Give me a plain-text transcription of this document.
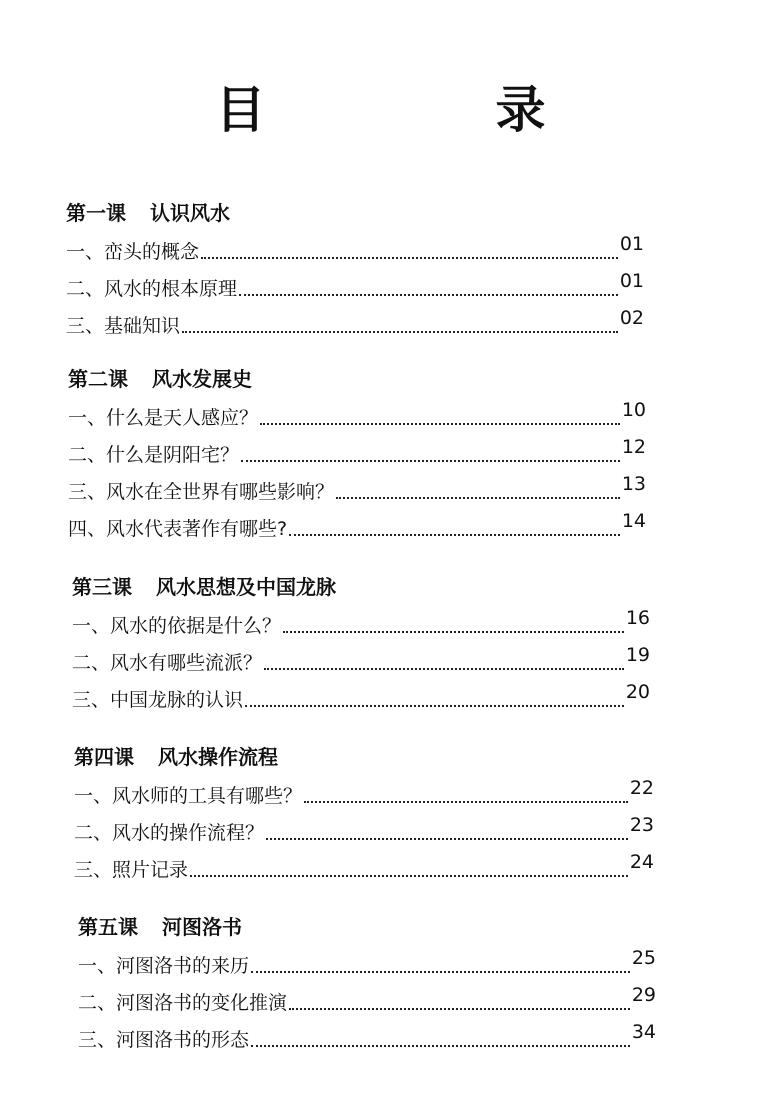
目　录
第一课 认识风水
一、峦头的概念	01
二、风水的根本原理	01
三、基础知识	02
第二课 风水发展史
一、什么是天人感应？	10
二、什么是阴阳宅？	12
三、风水在全世界有哪些影响？	13
四、风水代表著作有哪些?	14
第三课 风水思想及中国龙脉
一、风水的依据是什么？	16
二、风水有哪些流派？	19
三、中国龙脉的认识	20
第四课 风水操作流程
一、风水师的工具有哪些？	22
二、风水的操作流程？	23
三、照片记录	24
第五课 河图洛书
一、河图洛书的来历	25
二、河图洛书的变化推演	29
三、河图洛书的形态	34
